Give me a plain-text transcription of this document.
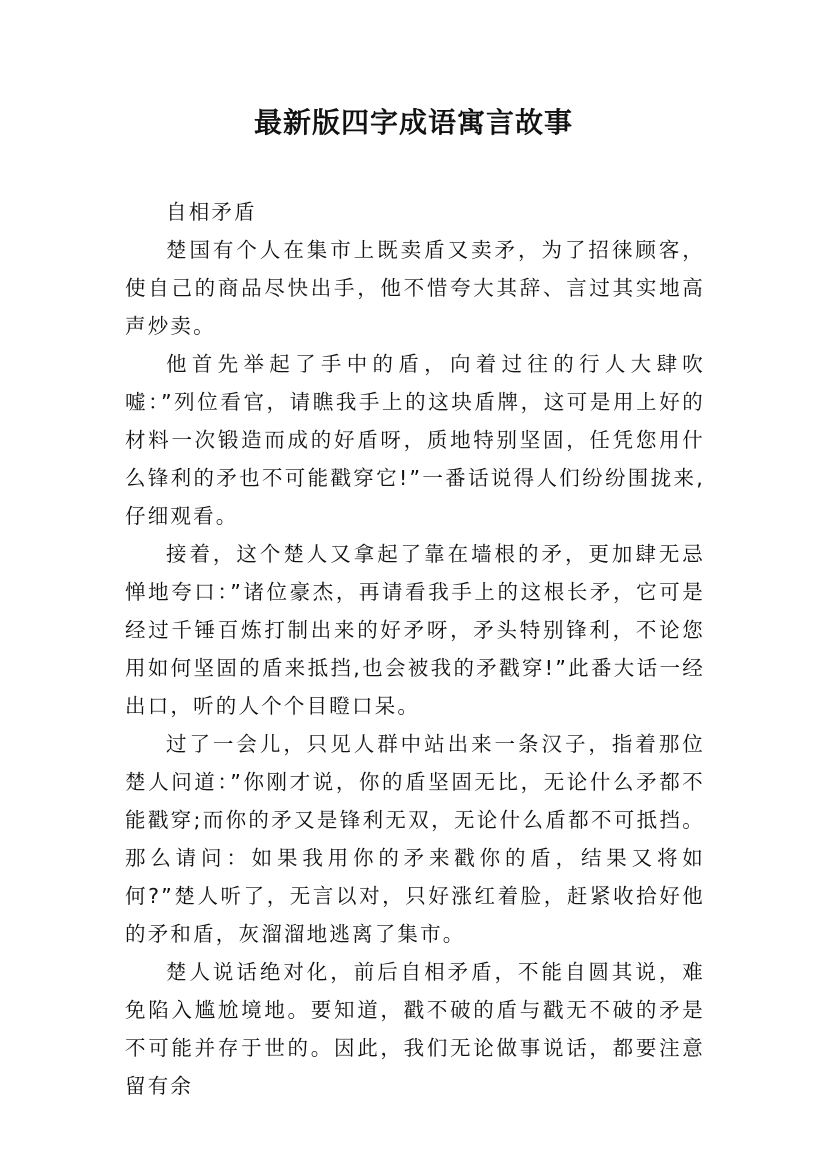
最新版四字成语寓言故事

自相矛盾

楚国有个人在集市上既卖盾又卖矛，为了招徕顾客，使自己的商品尽快出手，他不惜夸大其辞、言过其实地高声炒卖。

他首先举起了手中的盾，向着过往的行人大肆吹嘘：”列位看官，请瞧我手上的这块盾牌，这可是用上好的材料一次锻造而成的好盾呀，质地特别坚固，任凭您用什么锋利的矛也不可能戳穿它!”一番话说得人们纷纷围拢来,仔细观看。

接着，这个楚人又拿起了靠在墙根的矛，更加肆无忌惮地夸口：”诸位豪杰，再请看我手上的这根长矛，它可是经过千锤百炼打制出来的好矛呀，矛头特别锋利，不论您用如何坚固的盾来抵挡,也会被我的矛戳穿!”此番大话一经出口，听的人个个目瞪口呆。

过了一会儿，只见人群中站出来一条汉子，指着那位楚人问道：”你刚才说，你的盾坚固无比，无论什么矛都不能戳穿;而你的矛又是锋利无双，无论什么盾都不可抵挡。那么请问：如果我用你的矛来戳你的盾，结果又将如何?”楚人听了，无言以对，只好涨红着脸，赶紧收拾好他的矛和盾，灰溜溜地逃离了集市。

楚人说话绝对化，前后自相矛盾，不能自圆其说，难免陷入尴尬境地。要知道，戳不破的盾与戳无不破的矛是不可能并存于世的。因此，我们无论做事说话，都要注意留有余
